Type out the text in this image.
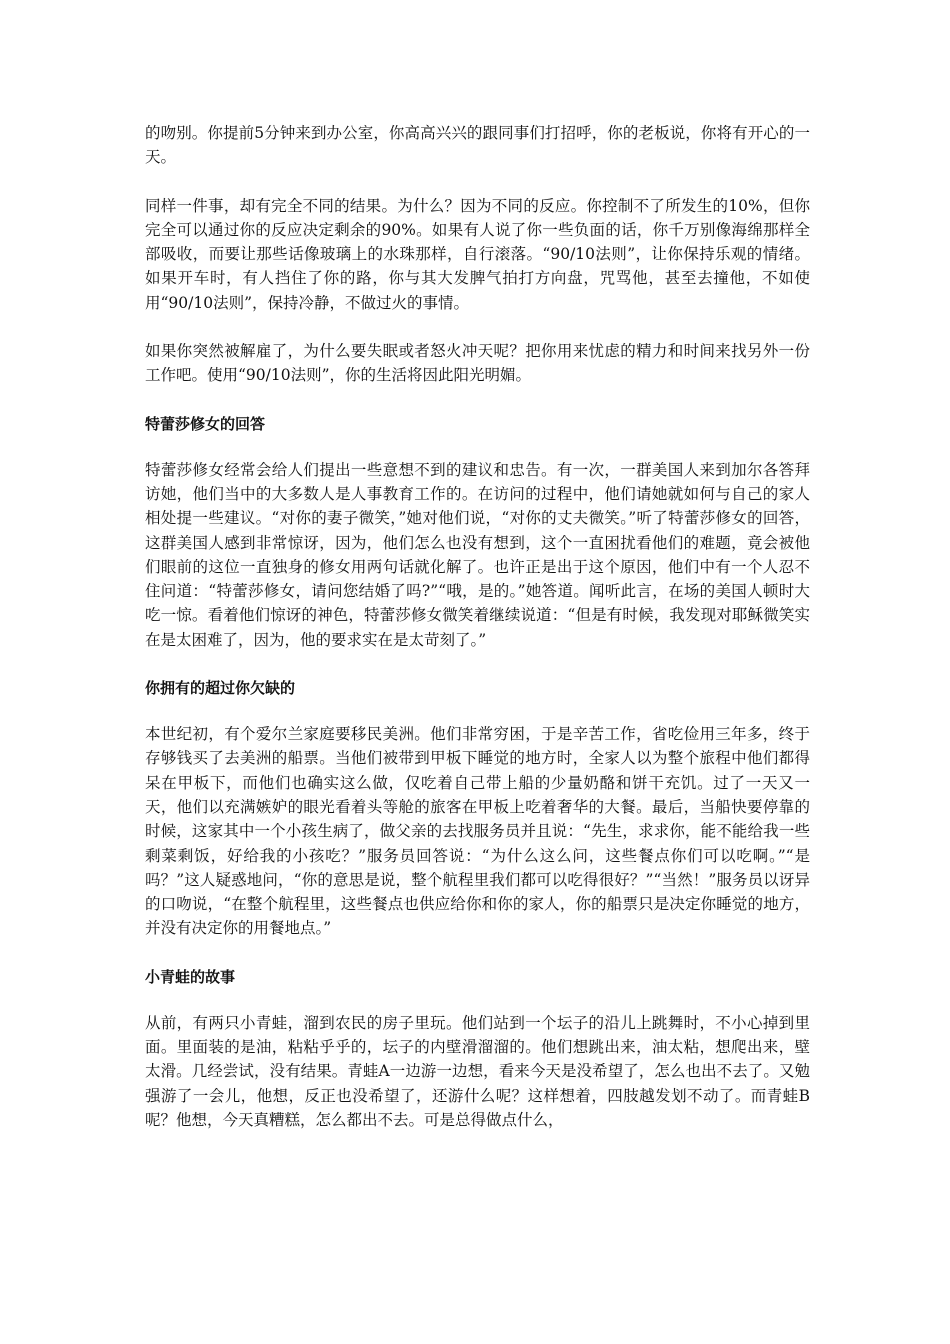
的吻别。你提前5分钟来到办公室，你高高兴兴的跟同事们打招呼，你的老板说，你将有开心的一天。

同样一件事，却有完全不同的结果。为什么？因为不同的反应。你控制不了所发生的10%，但你完全可以通过你的反应决定剩余的90%。如果有人说了你一些负面的话，你千万别像海绵那样全部吸收，而要让那些话像玻璃上的水珠那样，自行滚落。“90/10法则”，让你保持乐观的情绪。如果开车时，有人挡住了你的路，你与其大发脾气拍打方向盘，咒骂他，甚至去撞他，不如使用“90/10法则”，保持冷静，不做过火的事情。

如果你突然被解雇了，为什么要失眠或者怒火冲天呢？把你用来忧虑的精力和时间来找另外一份工作吧。使用“90/10法则”，你的生活将因此阳光明媚。

特蕾莎修女的回答

特蕾莎修女经常会给人们提出一些意想不到的建议和忠告。有一次，一群美国人来到加尔各答拜访她，他们当中的大多数人是人事教育工作的。在访问的过程中，他们请她就如何与自己的家人相处提一些建议。“对你的妻子微笑，”她对他们说，“对你的丈夫微笑。”听了特蕾莎修女的回答，这群美国人感到非常惊讶，因为，他们怎么也没有想到，这个一直困扰看他们的难题，竟会被他们眼前的这位一直独身的修女用两句话就化解了。也许正是出于这个原因，他们中有一个人忍不住问道：“特蕾莎修女，请问您结婚了吗?”“哦，是的。”她答道。闻听此言，在场的美国人顿时大吃一惊。看着他们惊讶的神色，特蕾莎修女微笑着继续说道：“但是有时候，我发现对耶稣微笑实在是太困难了，因为，他的要求实在是太苛刻了。”

你拥有的超过你欠缺的

本世纪初，有个爱尔兰家庭要移民美洲。他们非常穷困，于是辛苦工作，省吃俭用三年多，终于存够钱买了去美洲的船票。当他们被带到甲板下睡觉的地方时，全家人以为整个旅程中他们都得呆在甲板下，而他们也确实这么做，仅吃着自己带上船的少量奶酪和饼干充饥。过了一天又一天，他们以充满嫉妒的眼光看着头等舱的旅客在甲板上吃着奢华的大餐。最后，当船快要停靠的时候，这家其中一个小孩生病了，做父亲的去找服务员并且说：“先生，求求你，能不能给我一些剩菜剩饭，好给我的小孩吃？”服务员回答说：“为什么这么问，这些餐点你们可以吃啊。”“是吗？”这人疑惑地问，“你的意思是说，整个航程里我们都可以吃得很好？”“当然！”服务员以讶异的口吻说，“在整个航程里，这些餐点也供应给你和你的家人，你的船票只是决定你睡觉的地方，并没有决定你的用餐地点。”

小青蛙的故事

从前，有两只小青蛙，溜到农民的房子里玩。他们站到一个坛子的沿儿上跳舞时，不小心掉到里面。里面装的是油，粘粘乎乎的，坛子的内壁滑溜溜的。他们想跳出来，油太粘，想爬出来，壁太滑。几经尝试，没有结果。青蛙A一边游一边想，看来今天是没希望了，怎么也出不去了。又勉强游了一会儿，他想，反正也没希望了，还游什么呢？这样想着，四肢越发划不动了。而青蛙B呢？他想，今天真糟糕，怎么都出不去。可是总得做点什么，
